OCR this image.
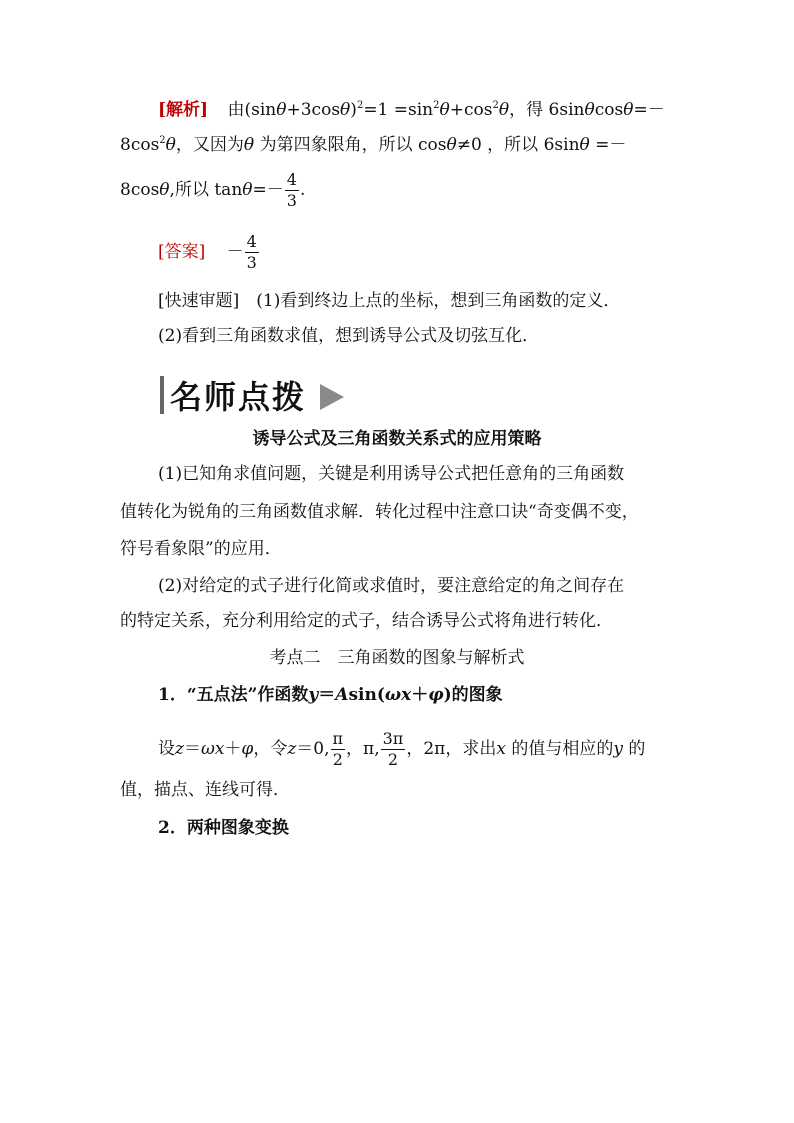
[解析] 由$(\sin\theta+3\cos\theta)^2=1 =\sin^2\theta+\cos^2\theta$，得 6sinθcosθ=－
$8\cos^2\theta$，又因为θ 为第四象限角，所以 cosθ≠0 ，所以 6sinθ =－
8cosθ,所以 $\tan\theta=- \frac{4}{3}$ .
[答案] － $\frac{4}{3}$
[快速审题]　(1)看到终边上点的坐标，想到三角函数的定义．
(2)看到三角函数求值，想到诱导公式及切弦互化．
名师点拨
诱导公式及三角函数关系式的应用策略
(1)已知角求值问题，关键是利用诱导公式把任意角的三角函数
值转化为锐角的三角函数值求解．转化过程中注意口诀“奇变偶不变，
符号看象限”的应用．
(2)对给定的式子进行化简或求值时，要注意给定的角之间存在
的特定关系，充分利用给定的式子，结合诱导公式将角进行转化．
考点二　三角函数的图象与解析式
1．“五点法”作函数y＝Asin(ωx＋φ)的图象
设z＝ωx＋φ，令z＝0, $\frac{\pi}{2}$ ，π, $\frac{3\pi}{2}$ ，2π，求出x 的值与相应的y 的
值，描点、连线可得．
2．两种图象变换
